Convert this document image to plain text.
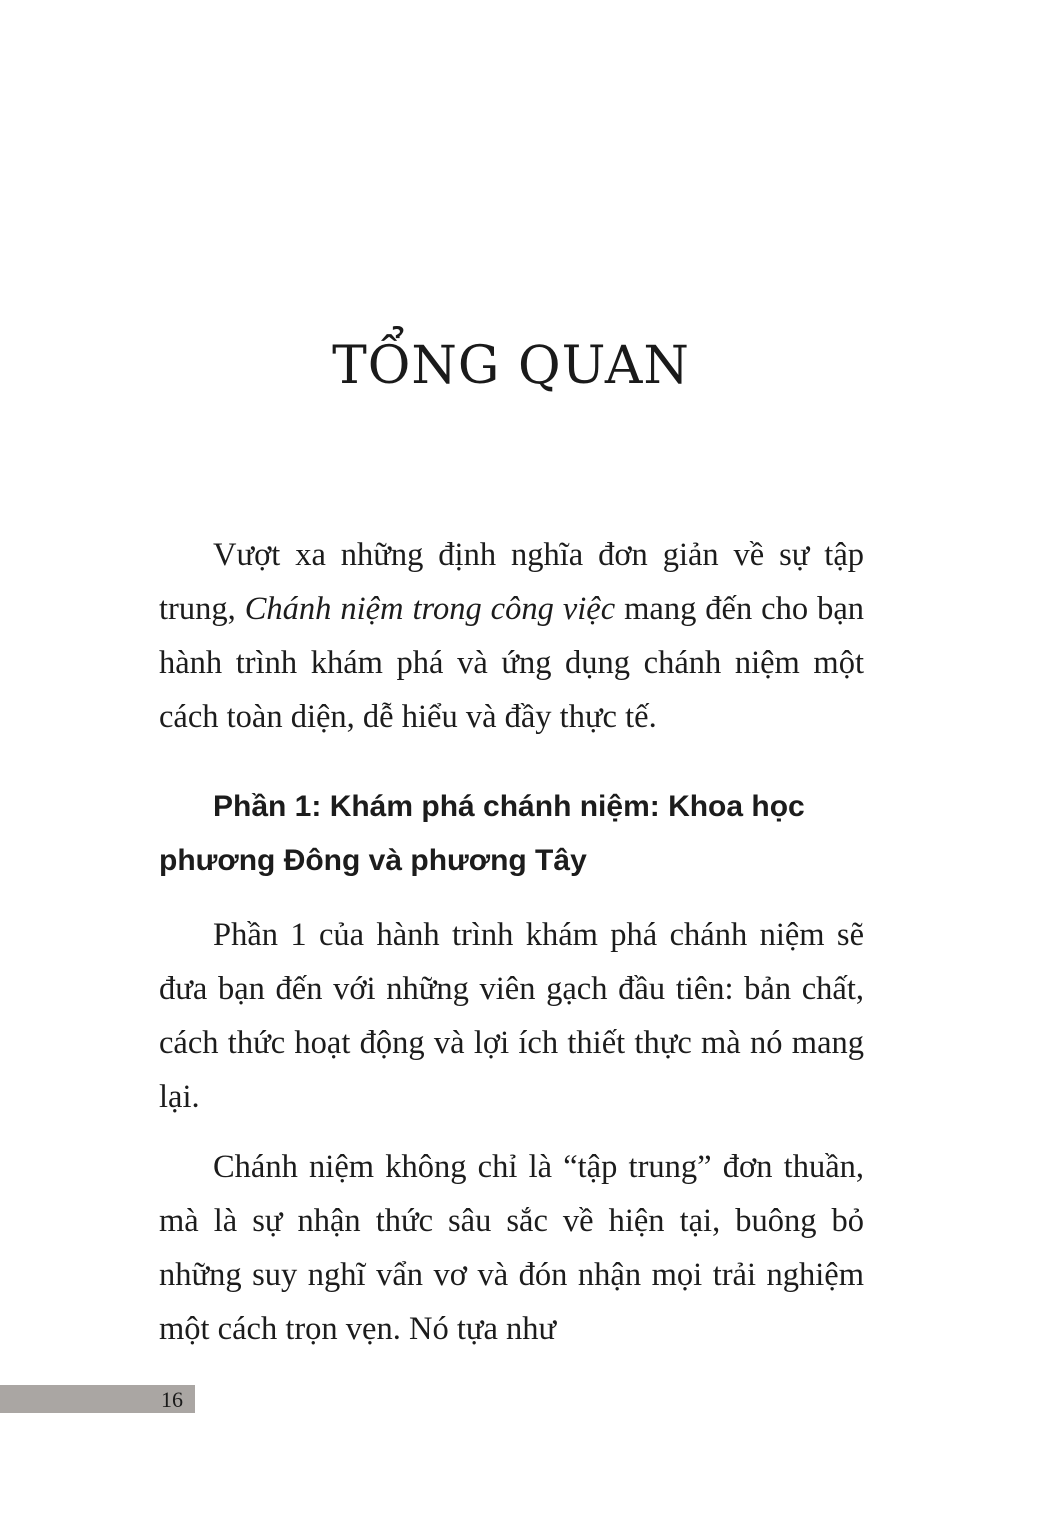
TỔNG QUAN

Vượt xa những định nghĩa đơn giản về sự tập trung, Chánh niệm trong công việc mang đến cho bạn hành trình khám phá và ứng dụng chánh niệm một cách toàn diện, dễ hiểu và đầy thực tế.

Phần 1: Khám phá chánh niệm: Khoa học phương Đông và phương Tây

Phần 1 của hành trình khám phá chánh niệm sẽ đưa bạn đến với những viên gạch đầu tiên: bản chất, cách thức hoạt động và lợi ích thiết thực mà nó mang lại.

Chánh niệm không chỉ là “tập trung” đơn thuần, mà là sự nhận thức sâu sắc về hiện tại, buông bỏ những suy nghĩ vẩn vơ và đón nhận mọi trải nghiệm một cách trọn vẹn. Nó tựa như

16
